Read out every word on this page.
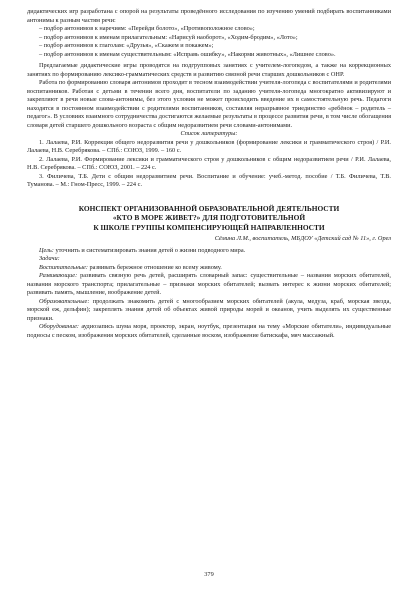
дидактических игр разработана с опорой на результаты проведённого исследования по изучению умений подбирать воспитанниками антонимы к разным частям речи:

– подбор антонимов к наречиям: «Перейди болото», «Противоположное слово»;

– подбор антонимов к именам прилагательным: «Нарисуй наоборот», «Ходим-бродим», «Лото»;

– подбор антонимов к глаголам: «Друзья», «Скажем и покажем»;

– подбор антонимов к именам существительным: «Исправь ошибку», «Накорми животных», «Лишнее слово».

Предлагаемые дидактические игры проводятся на подгрупповых занятиях с учителем-логопедом, а также на коррекционных занятиях по формированию лексико-грамматических средств и развитию связной речи старших дошкольников с ОНР.

Работа по формированию словаря антонимов проходит в тесном взаимодействии учителя-логопеда с воспитателями и родителями воспитанников. Работая с детьми в течении всего дня, воспитатели по заданию учителя-логопеда многократно активизируют и закрепляют в речи новые слова-антонимы, без этого условия не может происходить введение их в самостоятельную речь. Педагоги находятся в постоянном взаимодействии с родителями воспитанников, составляя неразрывное триединство «ребёнок – родитель – педагог». В условиях взаимного сотрудничества достигаются желаемые результаты в процессе развития речи, в том числе обогащения словаря детей старшего дошкольного возраста с общим недоразвитием речи словами-антонимами.

Список литературы:

1. Лалаева, Р.И. Коррекция общего недоразвития речи у дошкольников (формирование лексики и грамматического строя) / Р.И. Лалаева, Н.В. Серебрякова. – СПб.: СОЮЗ, 1999. – 160 с.

2. Лалаева, Р.И. Формирование лексики и грамматического строя у дошкольников с общим недоразвитием речи / Р.И. Лалаева, Н.В. Серебрякова. – СПб.: СОЮЗ, 2001. – 224 с.

3. Филичева, Т.Б. Дети с общим недоразвитием речи. Воспитание и обучение: учеб.-метод. пособие / Т.Б. Филичева, Т.В. Туманова. – М.: Гном-Пресс, 1999. – 224 с.

КОНСПЕКТ ОРГАНИЗОВАННОЙ ОБРАЗОВАТЕЛЬНОЙ ДЕЯТЕЛЬНОСТИ

«КТО В МОРЕ ЖИВЕТ?» ДЛЯ ПОДГОТОВИТЕЛЬНОЙ

К ШКОЛЕ ГРУППЫ КОМПЕНСИРУЮЩЕЙ НАПРАВЛЕННОСТИ

Сёмина Л.М., воспитатель, МБДОУ «Детский сад № 11», г. Орел

Цель: уточнить и систематизировать знания детей о жизни подводного мира.

Задачи:

Воспитательные: развивать бережное отношение ко всему живому.

Развивающие: развивать связную речь детей, расширять словарный запас: существительные – названия морских обитателей, названия морского транспорта; прилагательные – признаки морских обитателей; вызвать интерес к жизни морских обитателей; развивать память, мышление, воображение детей.

Образовательные: продолжать знакомить детей с многообразием морских обитателей (акула, медуза, краб, морская звезда, морской еж, дельфин); закреплять знания детей об объектах живой природы морей и океанов, учить выделять их существенные признаки.

Оборудование: аудиозапись шума моря, проектор, экран, ноутбук, презентация на тему «Морские обитатели», индивидуальные подносы с песком, изображения морских обитателей, сделанные воском, изображение батискафа, мяч массажный.

379
